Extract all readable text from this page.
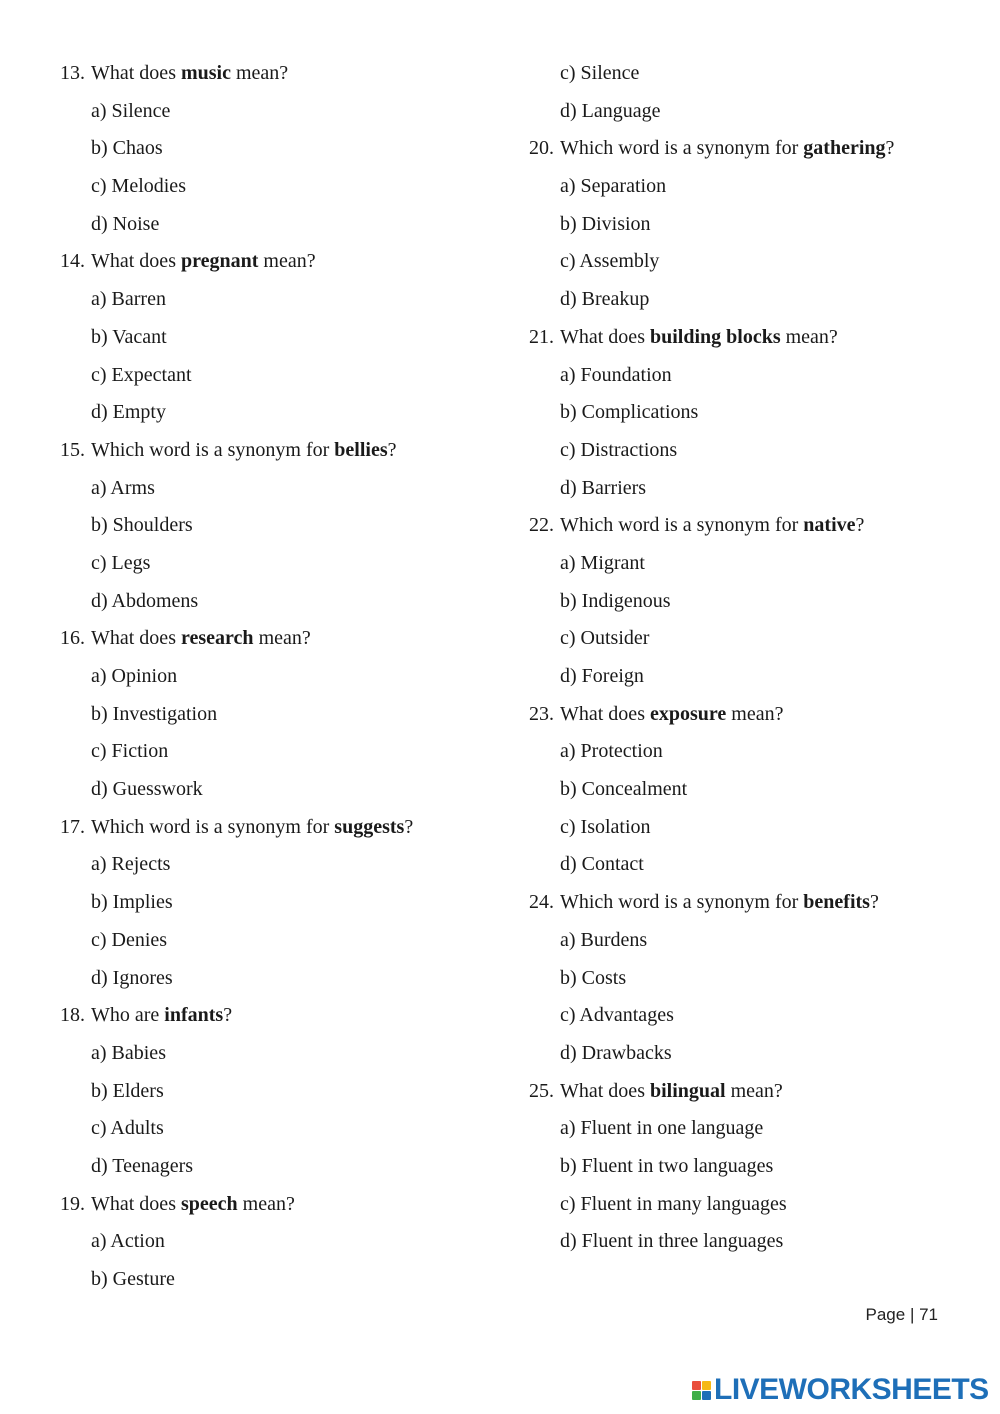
13. What does music mean?
a) Silence
b) Chaos
c) Melodies
d) Noise
14. What does pregnant mean?
a) Barren
b) Vacant
c) Expectant
d) Empty
15. Which word is a synonym for bellies?
a) Arms
b) Shoulders
c) Legs
d) Abdomens
16. What does research mean?
a) Opinion
b) Investigation
c) Fiction
d) Guesswork
17. Which word is a synonym for suggests?
a) Rejects
b) Implies
c) Denies
d) Ignores
18. Who are infants?
a) Babies
b) Elders
c) Adults
d) Teenagers
19. What does speech mean?
a) Action
b) Gesture
c) Silence
d) Language
20. Which word is a synonym for gathering?
a) Separation
b) Division
c) Assembly
d) Breakup
21. What does building blocks mean?
a) Foundation
b) Complications
c) Distractions
d) Barriers
22. Which word is a synonym for native?
a) Migrant
b) Indigenous
c) Outsider
d) Foreign
23. What does exposure mean?
a) Protection
b) Concealment
c) Isolation
d) Contact
24. Which word is a synonym for benefits?
a) Burdens
b) Costs
c) Advantages
d) Drawbacks
25. What does bilingual mean?
a) Fluent in one language
b) Fluent in two languages
c) Fluent in many languages
d) Fluent in three languages
Page | 71
LIVEWORKSHEETS
